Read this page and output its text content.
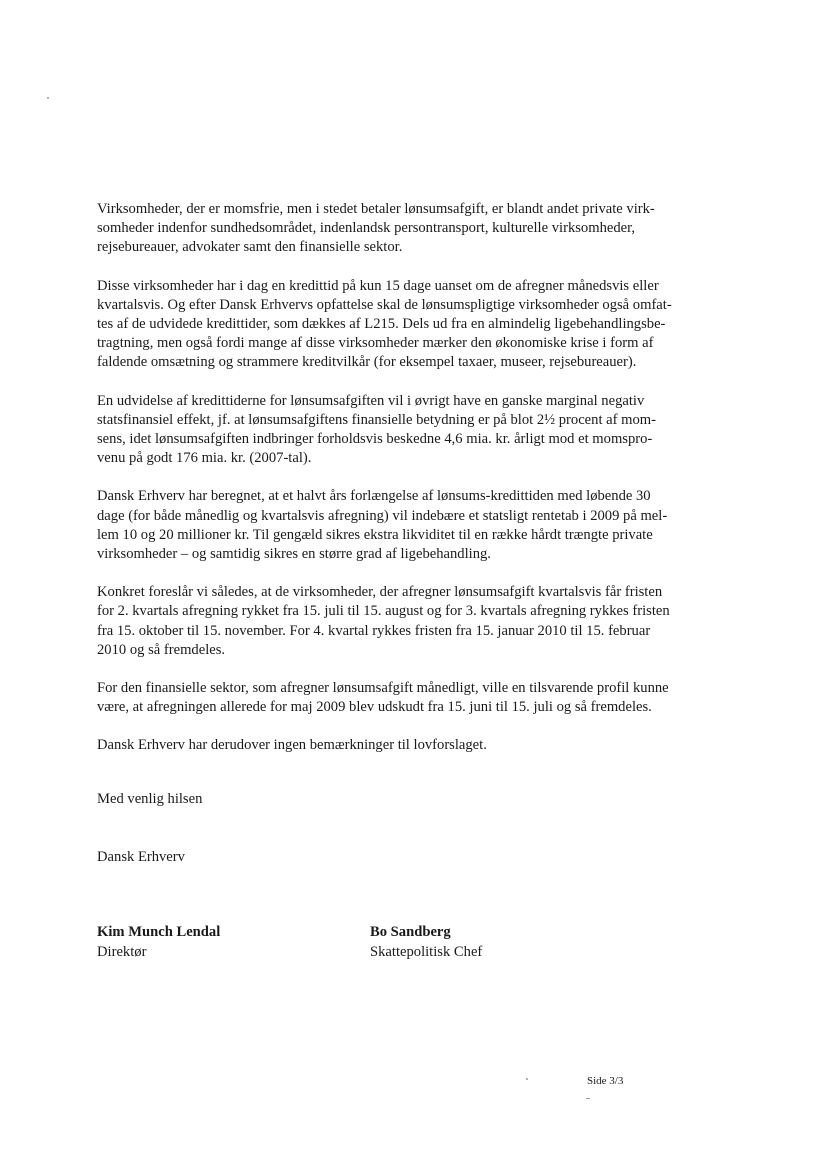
Virksomheder, der er momsfrie, men i stedet betaler lønsumsafgift, er blandt andet private virk-
somheder indenfor sundhedsområdet, indenlandsk persontransport, kulturelle virksomheder,
rejsebureauer, advokater samt den finansielle sektor.

Disse virksomheder har i dag en kredittid på kun 15 dage uanset om de afregner månedsvis eller
kvartalsvis. Og efter Dansk Erhvervs opfattelse skal de lønsumspligtige virksomheder også omfat-
tes af de udvidede kredittider, som dækkes af L215. Dels ud fra en almindelig ligebehandlingsbe-
tragtning, men også fordi mange af disse virksomheder mærker den økonomiske krise i form af
faldende omsætning og strammere kreditvilkår (for eksempel taxaer, museer, rejsebureauer).

En udvidelse af kredittiderne for lønsumsafgiften vil i øvrigt have en ganske marginal negativ
statsfinansiel effekt, jf. at lønsumsafgiftens finansielle betydning er på blot 2½ procent af mom-
sens, idet lønsumsafgiften indbringer forholdsvis beskedne 4,6 mia. kr. årligt mod et momspro-
venu på godt 176 mia. kr. (2007-tal).

Dansk Erhverv har beregnet, at et halvt års forlængelse af lønsums-kredittiden med løbende 30
dage (for både månedlig og kvartalsvis afregning) vil indebære et statsligt rentetab i 2009 på mel-
lem 10 og 20 millioner kr. Til gengæld sikres ekstra likviditet til en række hårdt trængte private
virksomheder – og samtidig sikres en større grad af ligebehandling.

Konkret foreslår vi således, at de virksomheder, der afregner lønsumsafgift kvartalsvis får fristen
for 2. kvartals afregning rykket fra 15. juli til 15. august og for 3. kvartals afregning rykkes fristen
fra 15. oktober til 15. november. For 4. kvartal rykkes fristen fra 15. januar 2010 til 15. februar
2010 og så fremdeles.

For den finansielle sektor, som afregner lønsumsafgift månedligt, ville en tilsvarende profil kunne
være, at afregningen allerede for maj 2009 blev udskudt fra 15. juni til 15. juli og så fremdeles.

Dansk Erhverv har derudover ingen bemærkninger til lovforslaget.

Med venlig hilsen
Dansk Erhverv
Kim Munch Lendal
Direktør
Bo Sandberg
Skattepolitisk Chef
Side 3/3
